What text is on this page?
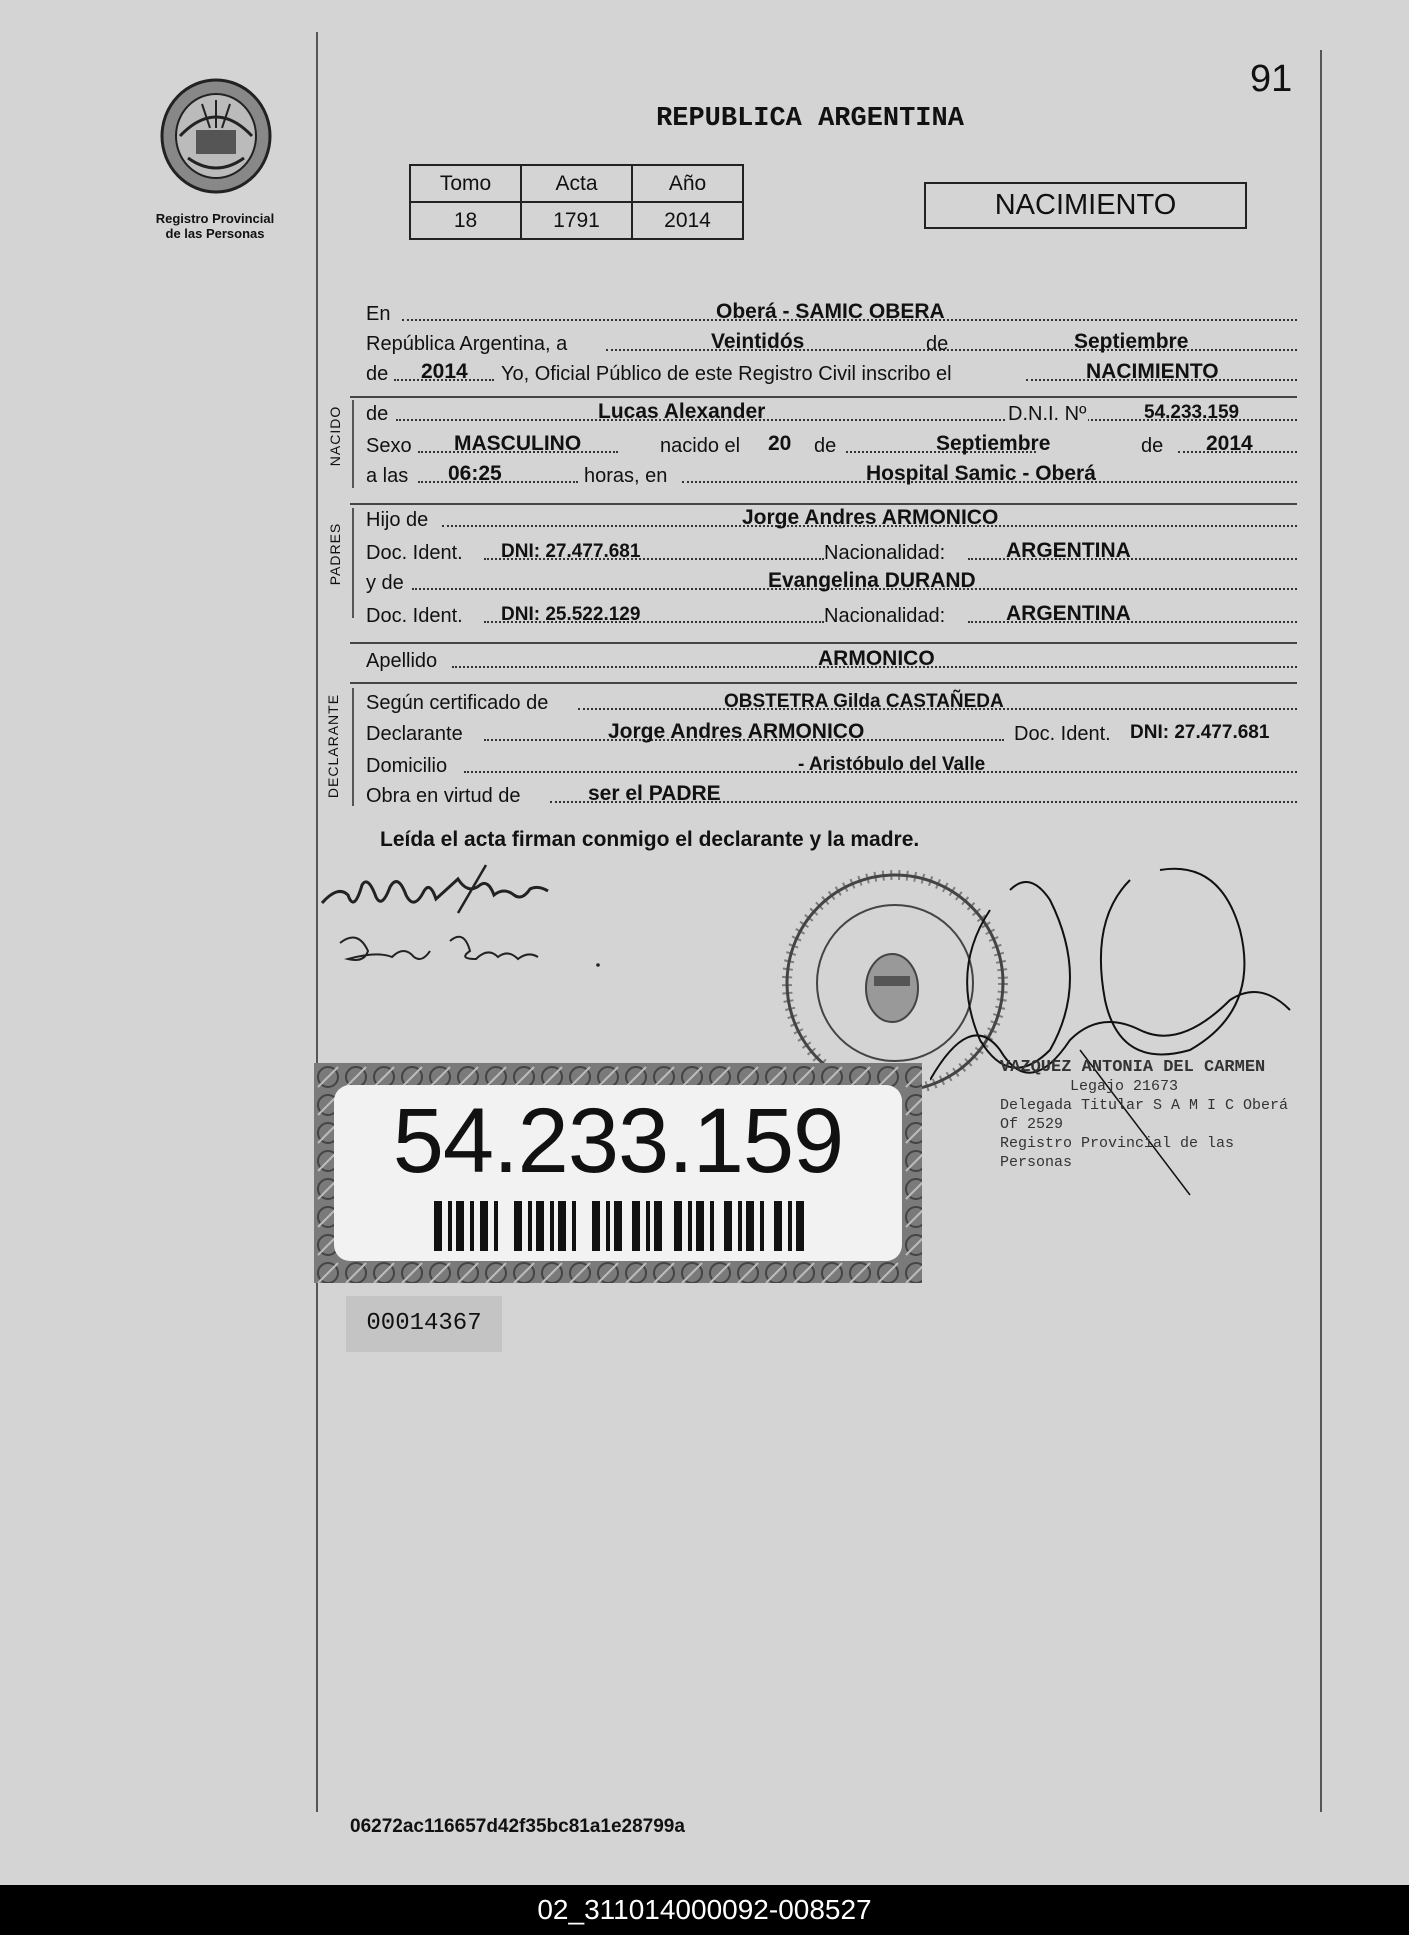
Registro Provincial
de las Personas
91
REPUBLICA ARGENTINA
Tomo	Acta	Año
18	1791	2014	NACIMIENTO
En	Oberá - SAMIC OBERA
República Argentina, a	Veintidós	de	Septiembre
de 2014 Yo, Oficial Público de este Registro Civil inscribo el	NACIMIENTO
NACIDO de	Lucas Alexander	D.N.I. Nº	54.233.159
Sexo MASCULINO	nacido el 20 de	Septiembre	de 2014
a las 06:25	horas, en	Hospital Samic - Oberá
PADRES
Hijo de	Jorge Andres ARMONICO
Doc. Ident. DNI: 27.477.681	Nacionalidad:	ARGENTINA
y de	Evangelina DURAND
Doc. Ident. DNI: 25.522.129	Nacionalidad:	ARGENTINA
Apellido	ARMONICO
DECLARANTE Según certificado de	OBSTETRA Gilda CASTAÑEDA
Declarante	Jorge Andres ARMONICO	Doc. Ident. DNI: 27.477.681
Domicilio	- Aristóbulo del Valle
Obra en virtud de	ser el PADRE
Leída el acta firman conmigo el declarante y la madre.
VAZQUEZ ANTONIA DEL CARMEN
Legajo 21673
Delegada Titular S A M I C Oberá Of 2529
Registro Provincial de las Personas
54.233.159
00014367
06272ac116657d42f35bc81a1e28799a
02_311014000092-008527
